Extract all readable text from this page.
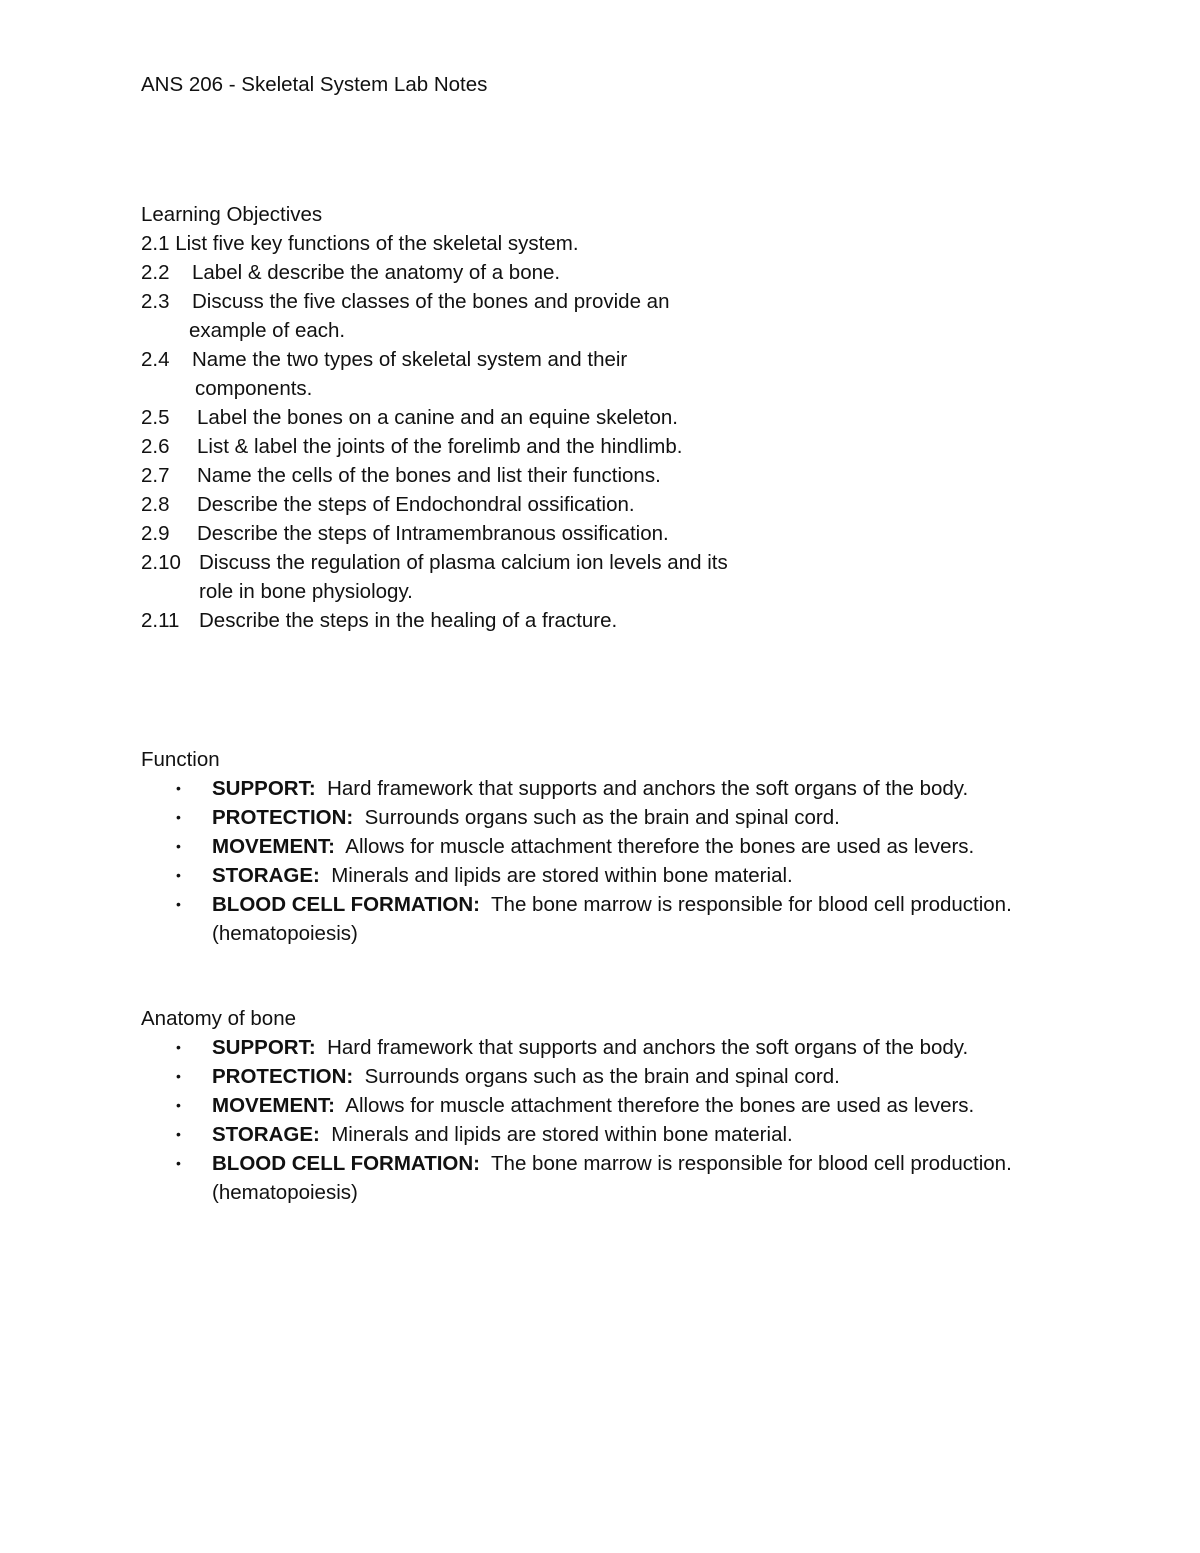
ANS 206 - Skeletal System Lab Notes
Learning Objectives
2.1
List five key functions of the skeletal system.
2.2	Label & describe the anatomy of a bone.
2.3	Discuss the five classes of the bones and provide an
example of each.
2.4	Name the two types of skeletal system and their
components.
2.5	Label the bones on a canine and an equine skeleton.
2.6	List & label the joints of the forelimb and the hindlimb.
2.7	Name the cells of the bones and list their functions.
2.8	Describe the steps of Endochondral ossification.
2.9	Describe the steps of Intramembranous ossification.
2.10 Discuss the regulation of plasma calcium ion levels and its
role in bone physiology.
2.11 Describe the steps in the healing of a fracture.
Function
• SUPPORT: Hard framework that supports and anchors the soft organs of the body.
• PROTECTION: Surrounds organs such as the brain and spinal cord.
• MOVEMENT: Allows for muscle attachment therefore the bones are used as levers.
• STORAGE: Minerals and lipids are stored within bone material.
• BLOOD CELL FORMATION: The bone marrow is responsible for blood cell production.
(hematopoiesis)
Anatomy of bone
• SUPPORT: Hard framework that supports and anchors the soft organs of the body.
• PROTECTION: Surrounds organs such as the brain and spinal cord.
• MOVEMENT: Allows for muscle attachment therefore the bones are used as levers.
• STORAGE: Minerals and lipids are stored within bone material.
• BLOOD CELL FORMATION: The bone marrow is responsible for blood cell production.
(hematopoiesis)
